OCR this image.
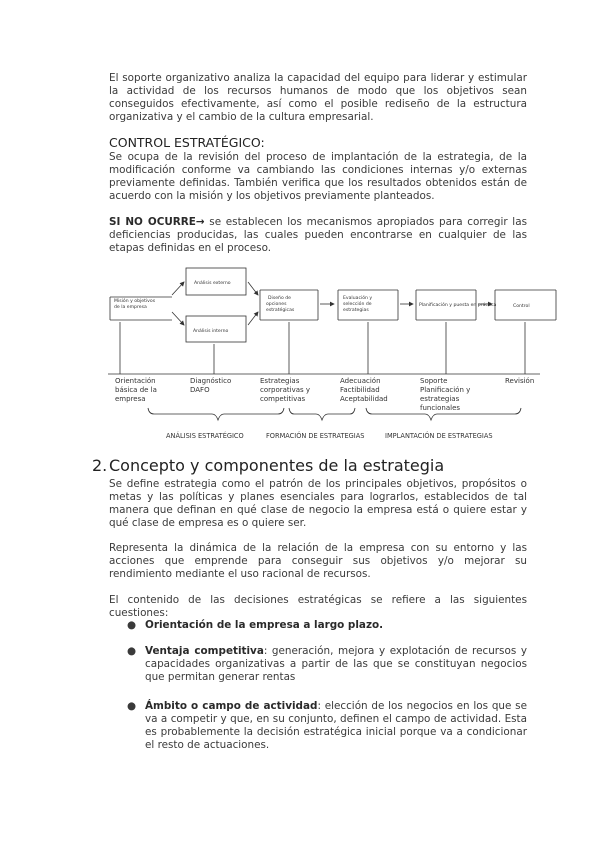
El soporte organizativo analiza la capacidad del equipo para liderar y estimular la actividad de los recursos humanos de modo que los objetivos sean conseguidos efectivamente, así como el posible rediseño de la estructura organizativa y el cambio de la cultura empresarial.

CONTROL ESTRATÉGICO:

Se ocupa de la revisión del proceso de implantación de la estrategia, de la modificación conforme va cambiando las condiciones internas y/o externas previamente definidas. También verifica que los resultados obtenidos están de acuerdo con la misión y los objetivos previamente planteados.

SI NO OCURRE→ se establecen los mecanismos apropiados para corregir las deficiencias producidas, las cuales pueden encontrarse en cualquier de las etapas definidas en el proceso.

Misión y objetivos de la empresa
Análisis externo
Análisis interno
Diseño de opciones estratégicas
Evaluación y selección de estrategias
Planificación y puesta en práctica	Control
Orientación básica de la empresa
Diagnóstico DAFO
Estrategias corporativas y competitivas
Adecuación Factibilidad Aceptabilidad
Soporte Planificación y estrategias funcionales
Revisión
ANÁLISIS ESTRATÉGICO	FORMACIÓN DE ESTRATEGIAS	IMPLANTACIÓN DE ESTRATEGIAS
2. Concepto y componentes de la estrategia

Se define estrategia como el patrón de los principales objetivos, propósitos o metas y las políticas y planes esenciales para lograrlos, establecidos de tal manera que definan en qué clase de negocio la empresa está o quiere estar y qué clase de empresa es o quiere ser.

Representa la dinámica de la relación de la empresa con su entorno y las acciones que emprende para conseguir sus objetivos y/o mejorar su rendimiento mediante el uso racional de recursos.

El contenido de las decisiones estratégicas se refiere a las siguientes cuestiones:

● Orientación de la empresa a largo plazo.
● Ventaja competitiva: generación, mejora y explotación de recursos y capacidades organizativas a partir de las que se constituyan negocios que permitan generar rentas
● Ámbito o campo de actividad: elección de los negocios en los que se va a competir y que, en su conjunto, definen el campo de actividad. Esta es probablemente la decisión estratégica inicial porque va a condicionar el resto de actuaciones.
